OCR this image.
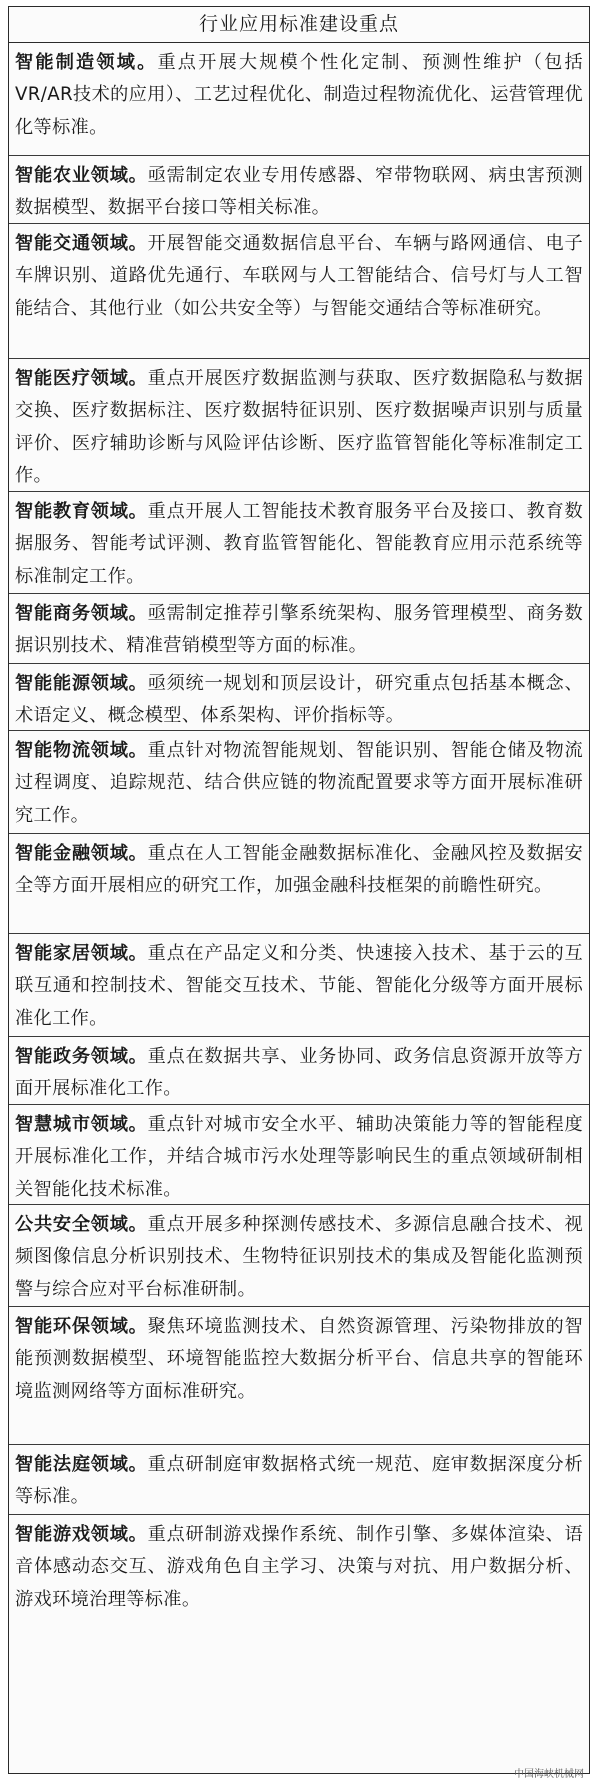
行业应用标准建设重点
智能制造领域。重点开展大规模个性化定制、预测性维护（包括VR/AR技术的应用）、工艺过程优化、制造过程物流优化、运营管理优化等标准。
智能农业领域。亟需制定农业专用传感器、窄带物联网、病虫害预测数据模型、数据平台接口等相关标准。
智能交通领域。开展智能交通数据信息平台、车辆与路网通信、电子车牌识别、道路优先通行、车联网与人工智能结合、信号灯与人工智能结合、其他行业（如公共安全等）与智能交通结合等标准研究。
智能医疗领域。重点开展医疗数据监测与获取、医疗数据隐私与数据交换、医疗数据标注、医疗数据特征识别、医疗数据噪声识别与质量评价、医疗辅助诊断与风险评估诊断、医疗监管智能化等标准制定工作。
智能教育领域。重点开展人工智能技术教育服务平台及接口、教育数据服务、智能考试评测、教育监管智能化、智能教育应用示范系统等标准制定工作。
智能商务领域。亟需制定推荐引擎系统架构、服务管理模型、商务数据识别技术、精准营销模型等方面的标准。
智能能源领域。亟须统一规划和顶层设计，研究重点包括基本概念、术语定义、概念模型、体系架构、评价指标等。
智能物流领域。重点针对物流智能规划、智能识别、智能仓储及物流过程调度、追踪规范、结合供应链的物流配置要求等方面开展标准研究工作。
智能金融领域。重点在人工智能金融数据标准化、金融风控及数据安全等方面开展相应的研究工作，加强金融科技框架的前瞻性研究。
智能家居领域。重点在产品定义和分类、快速接入技术、基于云的互联互通和控制技术、智能交互技术、节能、智能化分级等方面开展标准化工作。
智能政务领域。重点在数据共享、业务协同、政务信息资源开放等方面开展标准化工作。
智慧城市领域。重点针对城市安全水平、辅助决策能力等的智能程度开展标准化工作，并结合城市污水处理等影响民生的重点领域研制相关智能化技术标准。
公共安全领域。重点开展多种探测传感技术、多源信息融合技术、视频图像信息分析识别技术、生物特征识别技术的集成及智能化监测预警与综合应对平台标准研制。
智能环保领域。聚焦环境监测技术、自然资源管理、污染物排放的智能预测数据模型、环境智能监控大数据分析平台、信息共享的智能环境监测网络等方面标准研究。
智能法庭领域。重点研制庭审数据格式统一规范、庭审数据深度分析等标准。
智能游戏领域。重点研制游戏操作系统、制作引擎、多媒体渲染、语音体感动态交互、游戏角色自主学习、决策与对抗、用户数据分析、游戏环境治理等标准。
中国海峡机械网
